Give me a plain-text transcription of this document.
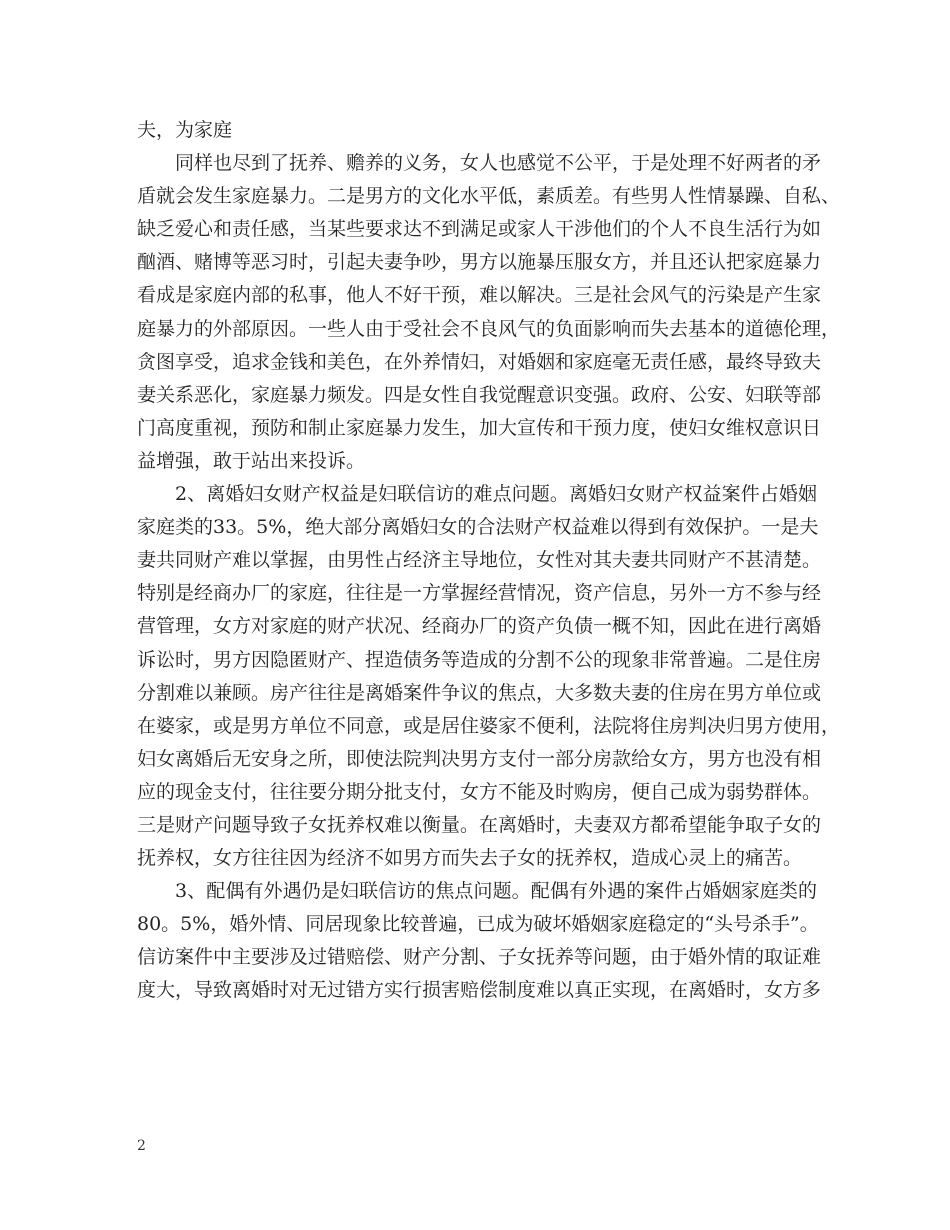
夫，为家庭
同样也尽到了抚养、赡养的义务，女人也感觉不公平，于是处理不好两者的矛
盾就会发生家庭暴力。二是男方的文化水平低，素质差。有些男人性情暴躁、自私、
缺乏爱心和责任感，当某些要求达不到满足或家人干涉他们的个人不良生活行为如
酗酒、赌博等恶习时，引起夫妻争吵，男方以施暴压服女方，并且还认把家庭暴力
看成是家庭内部的私事，他人不好干预，难以解决。三是社会风气的污染是产生家
庭暴力的外部原因。一些人由于受社会不良风气的负面影响而失去基本的道德伦理，
贪图享受，追求金钱和美色，在外养情妇，对婚姻和家庭毫无责任感，最终导致夫
妻关系恶化，家庭暴力频发。四是女性自我觉醒意识变强。政府、公安、妇联等部
门高度重视，预防和制止家庭暴力发生，加大宣传和干预力度，使妇女维权意识日
益增强，敢于站出来投诉。
2、离婚妇女财产权益是妇联信访的难点问题。离婚妇女财产权益案件占婚姻
家庭类的33。5%，绝大部分离婚妇女的合法财产权益难以得到有效保护。一是夫
妻共同财产难以掌握，由男性占经济主导地位，女性对其夫妻共同财产不甚清楚。
特别是经商办厂的家庭，往往是一方掌握经营情况，资产信息，另外一方不参与经
营管理，女方对家庭的财产状况、经商办厂的资产负债一概不知，因此在进行离婚
诉讼时，男方因隐匿财产、捏造债务等造成的分割不公的现象非常普遍。二是住房
分割难以兼顾。房产往往是离婚案件争议的焦点，大多数夫妻的住房在男方单位或
在婆家，或是男方单位不同意，或是居住婆家不便利，法院将住房判决归男方使用，
妇女离婚后无安身之所，即使法院判决男方支付一部分房款给女方，男方也没有相
应的现金支付，往往要分期分批支付，女方不能及时购房，便自己成为弱势群体。
三是财产问题导致子女抚养权难以衡量。在离婚时，夫妻双方都希望能争取子女的
抚养权，女方往往因为经济不如男方而失去子女的抚养权，造成心灵上的痛苦。
3、配偶有外遇仍是妇联信访的焦点问题。配偶有外遇的案件占婚姻家庭类的
80。5%，婚外情、同居现象比较普遍，已成为破坏婚姻家庭稳定的“头号杀手”。
信访案件中主要涉及过错赔偿、财产分割、子女抚养等问题，由于婚外情的取证难
度大，导致离婚时对无过错方实行损害赔偿制度难以真正实现，在离婚时，女方多
2
